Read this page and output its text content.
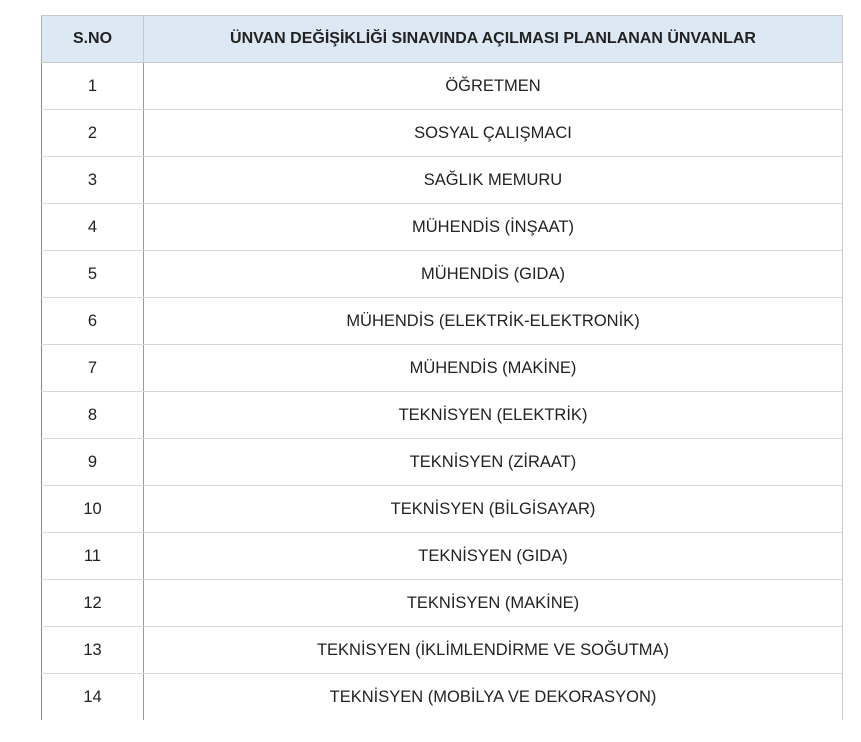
S.NO	ÜNVAN DEĞİŞİKLİĞİ SINAVINDA AÇILMASI PLANLANAN ÜNVANLAR
1	ÖĞRETMEN
2	SOSYAL ÇALIŞMACI
3	SAĞLIK MEMURU
4	MÜHENDİS (İNŞAAT)
5	MÜHENDİS (GIDA)
6	MÜHENDİS (ELEKTRİK-ELEKTRONİK)
7	MÜHENDİS (MAKİNE)
8	TEKNİSYEN (ELEKTRİK)
9	TEKNİSYEN (ZİRAAT)
10	TEKNİSYEN (BİLGİSAYAR)
11	TEKNİSYEN (GIDA)
12	TEKNİSYEN (MAKİNE)
13	TEKNİSYEN (İKLİMLENDİRME VE SOĞUTMA)
14	TEKNİSYEN (MOBİLYA VE DEKORASYON)
